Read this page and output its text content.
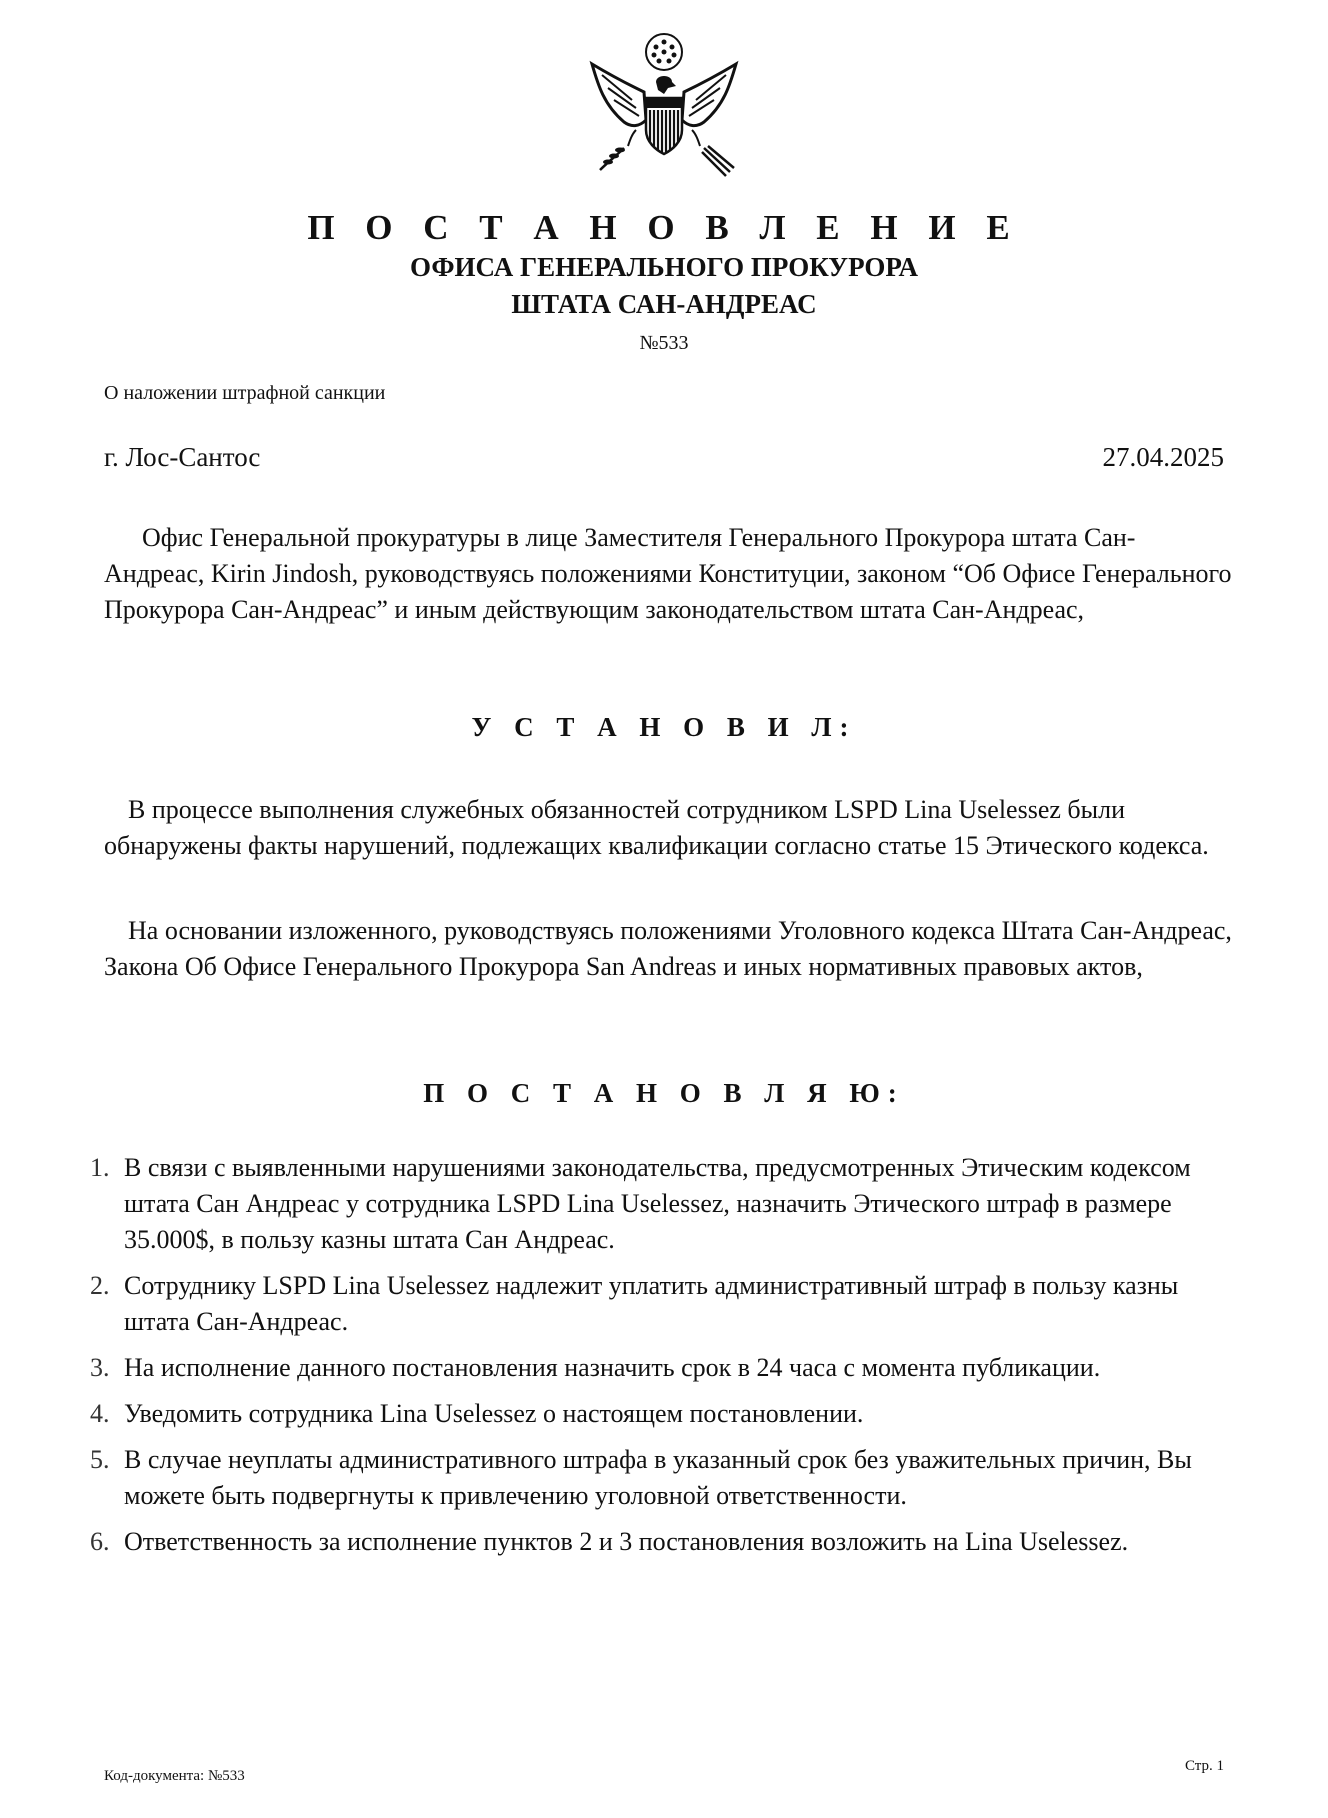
П О С Т А Н О В Л Е Н И Е
ОФИСА ГЕНЕРАЛЬНОГО ПРОКУРОРА
ШТАТА САН-АНДРЕАС
№533
О наложении штрафной санкции
г. Лос-Сантос	27.04.2025
Офис Генеральной прокуратуры в лице Заместителя Генерального Прокурора штата Сан-Андреас, Kirin Jindosh, руководствуясь положениями Конституции, законом “Об Офисе Генерального Прокурора Сан-Андреас” и иным действующим законодательством штата Сан-Андреас,
У С Т А Н О В И Л:
В процессе выполнения служебных обязанностей сотрудником LSPD Lina Uselessez были обнаружены факты нарушений, подлежащих квалификации согласно статье 15 Этического кодекса.
На основании изложенного, руководствуясь положениями Уголовного кодекса Штата Сан-Андреас, Закона Об Офисе Генерального Прокурора San Andreas и иных нормативных правовых актов,
П О С Т А Н О В Л Я Ю:
1. В связи с выявленными нарушениями законодательства, предусмотренных Этическим кодексом штата Сан Андреас у сотрудника LSPD Lina Uselessez, назначить Этического штраф в размере 35.000$, в пользу казны штата Сан Андреас.
2. Сотруднику LSPD Lina Uselessez надлежит уплатить административный штраф в пользу казны штата Сан-Андреас.
3. На исполнение данного постановления назначить срок в 24 часа с момента публикации.
4. Уведомить сотрудника Lina Uselessez о настоящем постановлении.
5. В случае неуплаты административного штрафа в указанный срок без уважительных причин, Вы можете быть подвергнуты к привлечению уголовной ответственности.
6. Ответственность за исполнение пунктов 2 и 3 постановления возложить на Lina Uselessez.
Код-документа: №533
Стр. 1
